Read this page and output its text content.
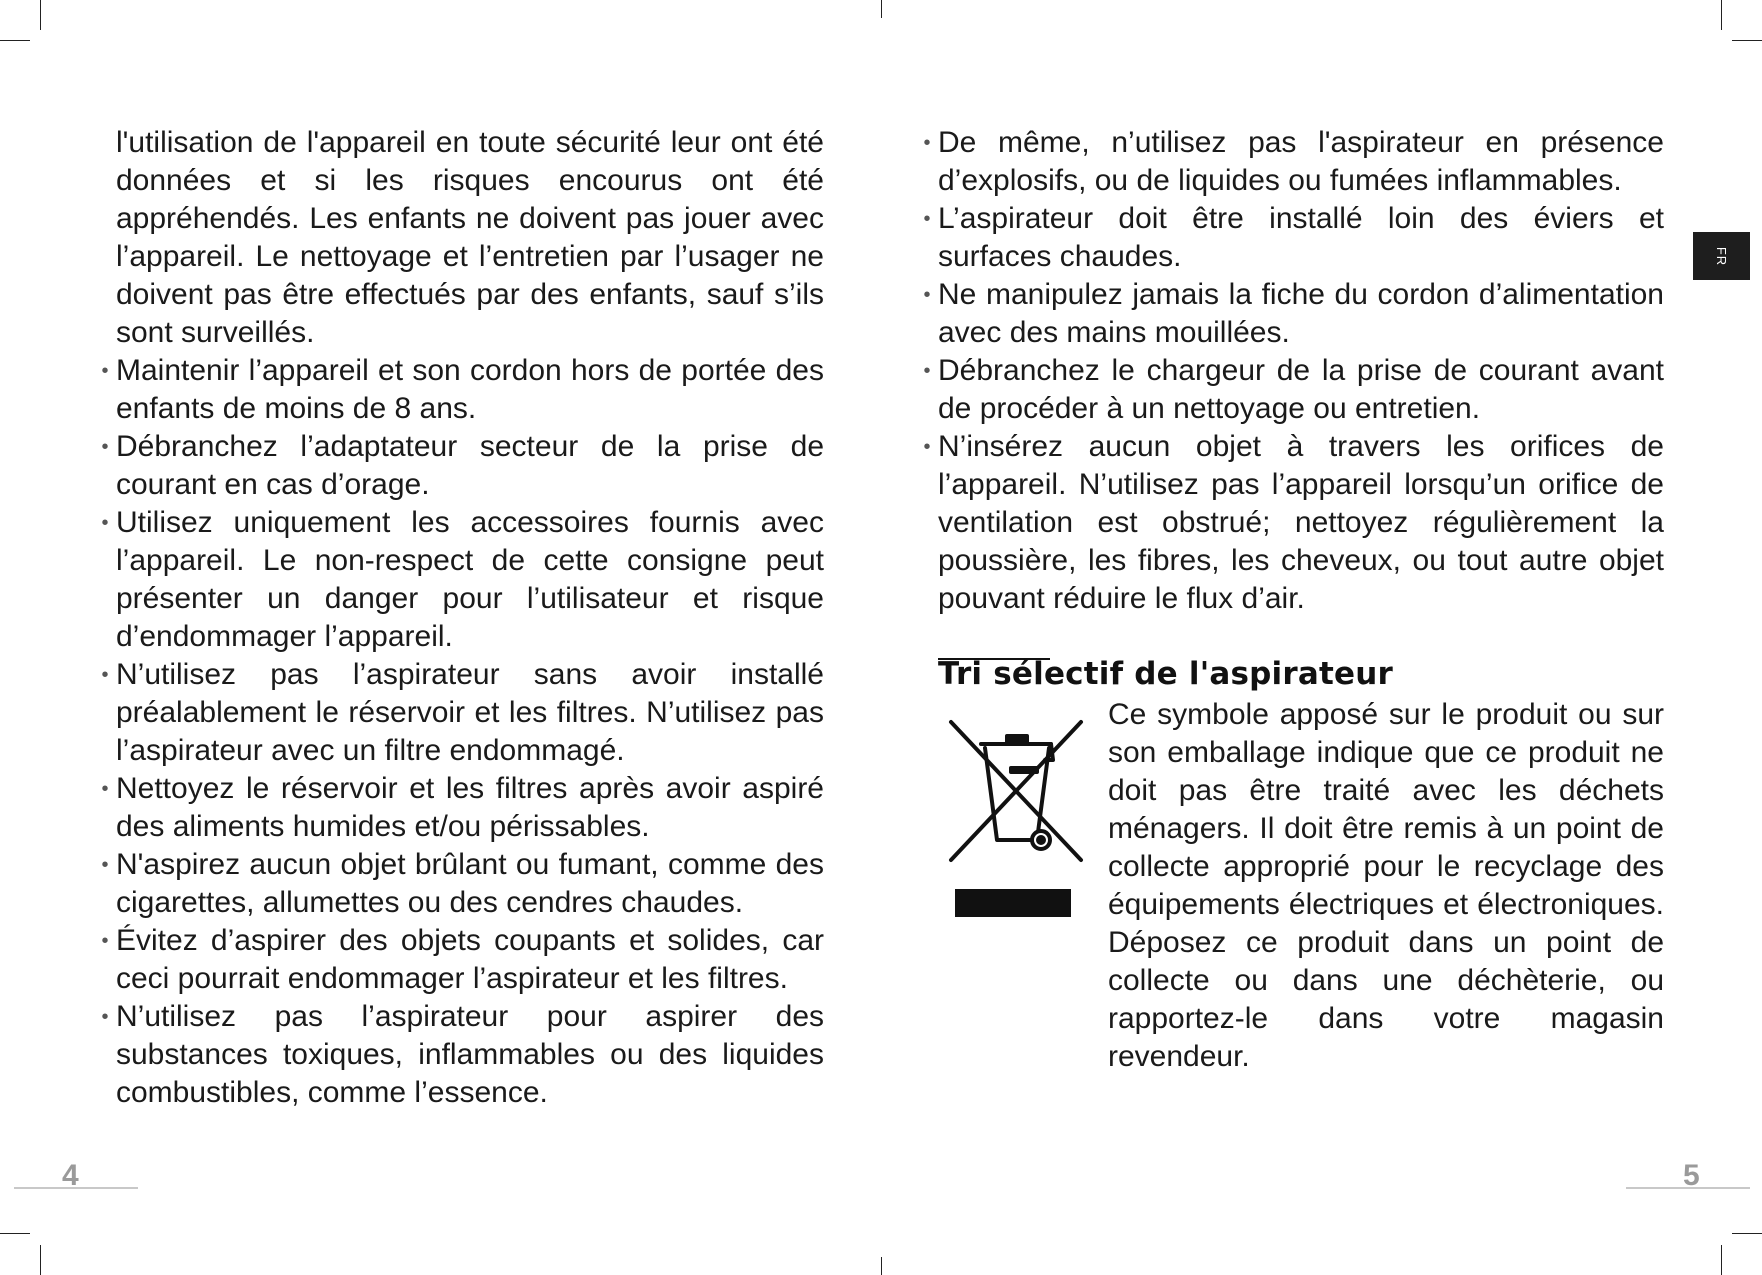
l'utilisation de l'appareil en toute sécurité leur ont été données et si les risques encourus ont été appréhendés. Les enfants ne doivent pas jouer avec l’appareil. Le nettoyage et l’entretien par l’usager ne doivent pas être effectués par des enfants, sauf s’ils sont surveillés.

• Maintenir l’appareil et son cordon hors de portée des enfants de moins de 8 ans.

• Débranchez l’adaptateur secteur de la prise de courant en cas d’orage.

• Utilisez uniquement les accessoires fournis avec l’appareil. Le non-respect de cette consigne peut présenter un danger pour l’utilisateur et risque d’endommager l’appareil.

• N’utilisez pas l’aspirateur sans avoir installé préalablement le réservoir et les filtres. N’utilisez pas l’aspirateur avec un filtre endommagé.

• Nettoyez le réservoir et les filtres après avoir aspiré des aliments humides et/ou périssables.

• N'aspirez aucun objet brûlant ou fumant, comme des cigarettes, allumettes ou des cendres chaudes.

• Évitez d’aspirer des objets coupants et solides, car ceci pourrait endommager l’aspirateur et les filtres.

• N’utilisez pas l’aspirateur pour aspirer des substances toxiques, inflammables ou des liquides combustibles, comme l’essence.

• De même, n’utilisez pas l'aspirateur en présence d’explosifs, ou de liquides ou fumées inflammables.

• L’aspirateur doit être installé loin des éviers et surfaces chaudes.

• Ne manipulez jamais la fiche du cordon d’alimentation avec des mains mouillées.

• Débranchez le chargeur de la prise de courant avant de procéder à un nettoyage ou entretien.

• N’insérez aucun objet à travers les orifices de l’appareil. N’utilisez pas l’appareil lorsqu’un orifice de ventilation est obstrué; nettoyez régulièrement la poussière, les fibres, les cheveux, ou tout autre objet pouvant réduire le flux d’air.

Tri sélectif de l'aspirateur
Ce symbole apposé sur le produit ou sur son emballage indique que ce produit ne doit pas être traité avec les déchets ménagers. Il doit être remis à un point de collecte approprié pour le recyclage des équipements électriques et électroniques. Déposez ce produit dans un point de collecte ou dans une déchèterie, ou rapportez-le dans votre magasin revendeur.
FR
4	5
